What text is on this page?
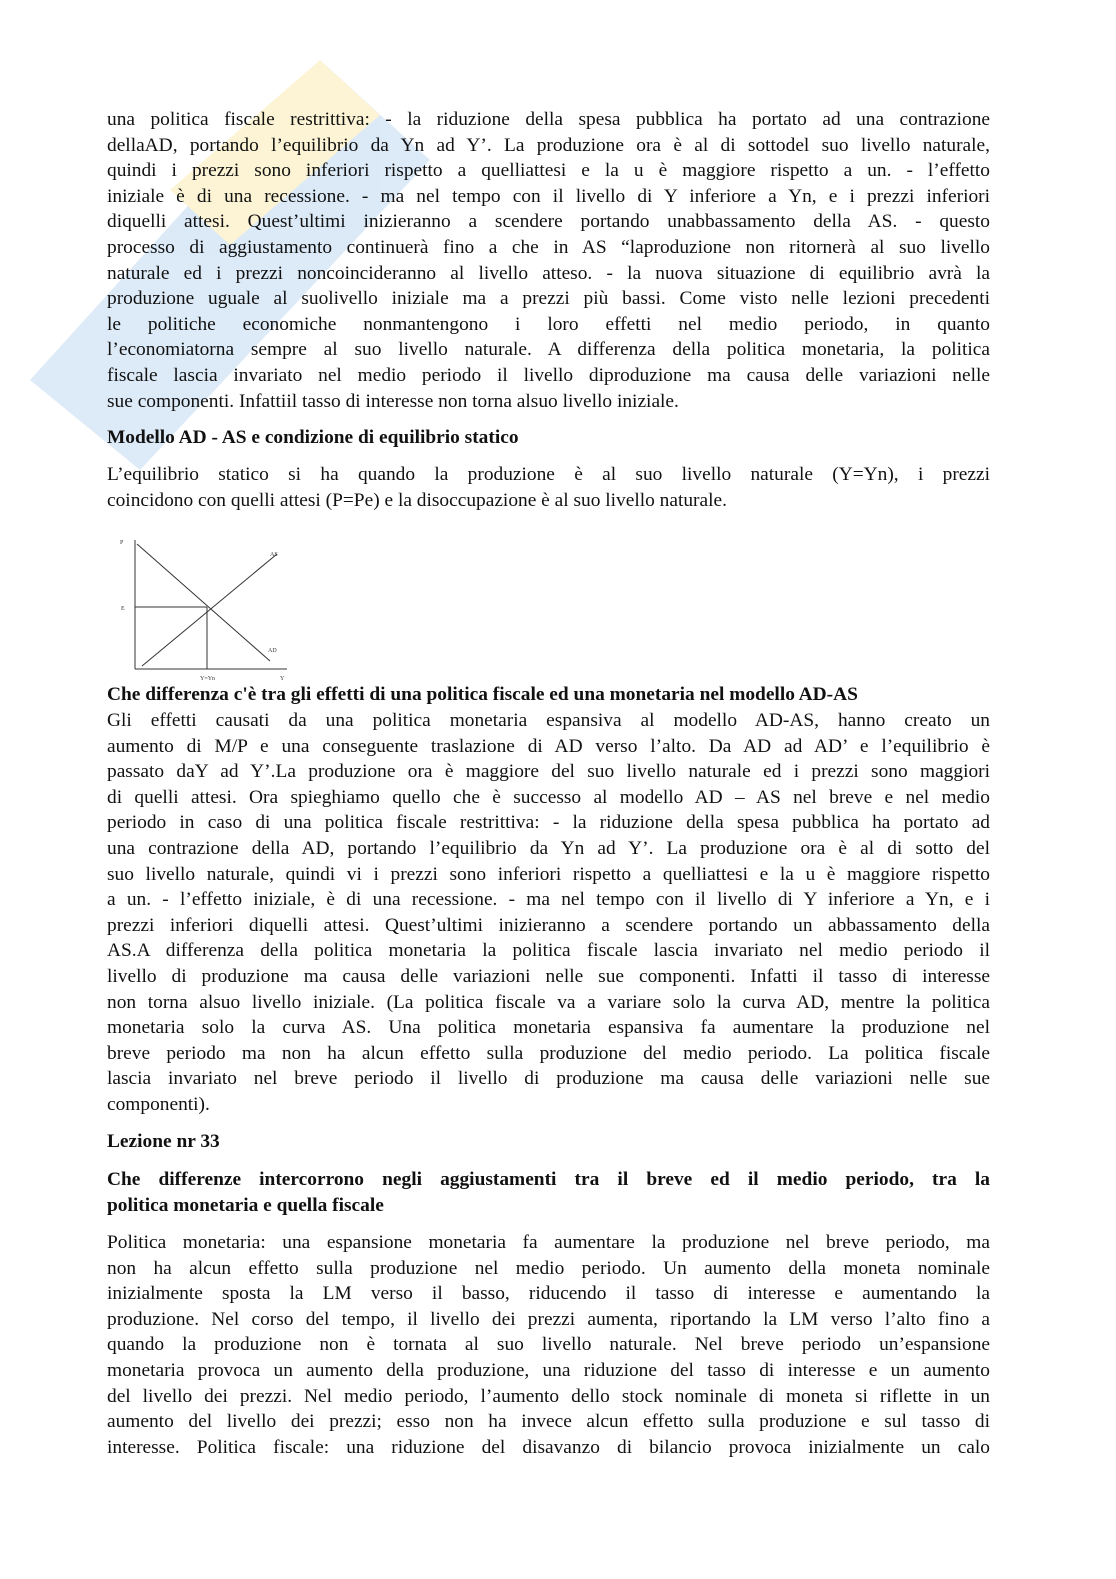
una politica fiscale restrittiva: - la riduzione della spesa pubblica ha portato ad una contrazione
dellaAD, portando l’equilibrio da Yn ad Y’. La produzione ora è al di sottodel suo livello naturale,
quindi i prezzi sono inferiori rispetto a quelliattesi e la u è maggiore rispetto a un. - l’effetto
iniziale è di una recessione. - ma nel tempo con il livello di Y inferiore a Yn, e i prezzi inferiori
diquelli attesi. Quest’ultimi inizieranno a scendere portando unabbassamento della AS. - questo
processo di aggiustamento continuerà fino a che in AS “laproduzione non ritornerà al suo livello
naturale ed i prezzi noncoincideranno al livello atteso. - la nuova situazione di equilibrio avrà la
produzione uguale al suolivello iniziale ma a prezzi più bassi. Come visto nelle lezioni precedenti
le politiche economiche nonmantengono i loro effetti nel medio periodo, in quanto
l’economiatorna sempre al suo livello naturale. A differenza della politica monetaria, la politica
fiscale lascia invariato nel medio periodo il livello diproduzione ma causa delle variazioni nelle
sue componenti. Infattiil tasso di interesse non torna alsuo livello iniziale.
Modello AD - AS e condizione di equilibrio statico
L’equilibrio statico si ha quando la produzione è al suo livello naturale (Y=Yn), i prezzi
coincidono con quelli attesi (P=Pe) e la disoccupazione è al suo livello naturale.
P
E
AS
AD
Y=Yn	Y
Che differenza c'è tra gli effetti di una politica fiscale ed una monetaria nel modello AD-AS
Gli effetti causati da una politica monetaria espansiva al modello AD-AS, hanno creato un
aumento di M/P e una conseguente traslazione di AD verso l’alto. Da AD ad AD’ e l’equilibrio è
passato daY ad Y’.La produzione ora è maggiore del suo livello naturale ed i prezzi sono maggiori
di quelli attesi. Ora spieghiamo quello che è successo al modello AD – AS nel breve e nel medio
periodo in caso di una politica fiscale restrittiva: - la riduzione della spesa pubblica ha portato ad
una contrazione della AD, portando l’equilibrio da Yn ad Y’. La produzione ora è al di sotto del
suo livello naturale, quindi vi i prezzi sono inferiori rispetto a quelliattesi e la u è maggiore rispetto
a un. - l’effetto iniziale, è di una recessione. - ma nel tempo con il livello di Y inferiore a Yn, e i
prezzi inferiori diquelli attesi. Quest’ultimi inizieranno a scendere portando un abbassamento della
AS.A differenza della politica monetaria la politica fiscale lascia invariato nel medio periodo il
livello di produzione ma causa delle variazioni nelle sue componenti. Infatti il tasso di interesse
non torna alsuo livello iniziale. (La politica fiscale va a variare solo la curva AD, mentre la politica
monetaria solo la curva AS. Una politica monetaria espansiva fa aumentare la produzione nel
breve periodo ma non ha alcun effetto sulla produzione del medio periodo. La politica fiscale
lascia invariato nel breve periodo il livello di produzione ma causa delle variazioni nelle sue
componenti).
Lezione nr 33
Che differenze intercorrono negli aggiustamenti tra il breve ed il medio periodo, tra la
politica monetaria e quella fiscale
Politica monetaria: una espansione monetaria fa aumentare la produzione nel breve periodo, ma
non ha alcun effetto sulla produzione nel medio periodo. Un aumento della moneta nominale
inizialmente sposta la LM verso il basso, riducendo il tasso di interesse e aumentando la
produzione. Nel corso del tempo, il livello dei prezzi aumenta, riportando la LM verso l’alto fino a
quando la produzione non è tornata al suo livello naturale. Nel breve periodo un’espansione
monetaria provoca un aumento della produzione, una riduzione del tasso di interesse e un aumento
del livello dei prezzi. Nel medio periodo, l’aumento dello stock nominale di moneta si riflette in un
aumento del livello dei prezzi; esso non ha invece alcun effetto sulla produzione e sul tasso di
interesse. Politica fiscale: una riduzione del disavanzo di bilancio provoca inizialmente un calo
